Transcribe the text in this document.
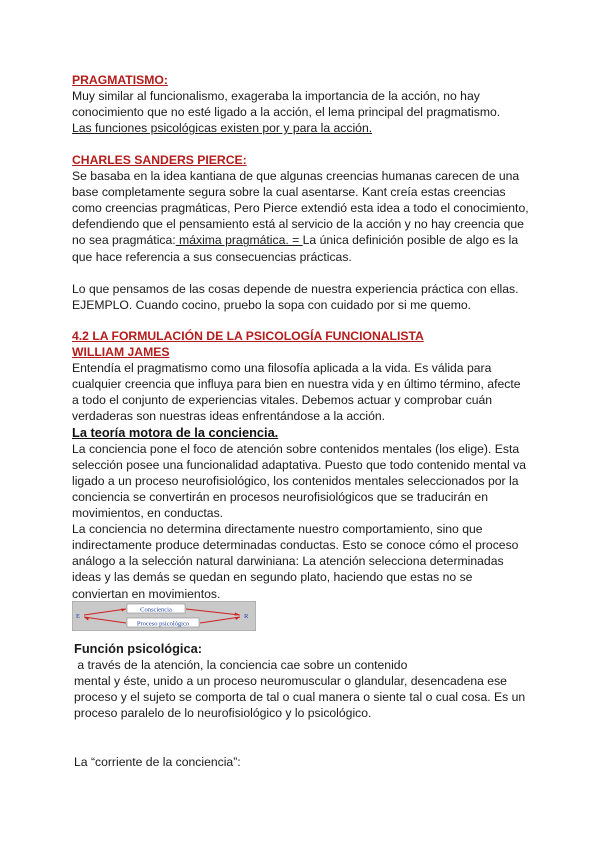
PRAGMATISMO:

Muy similar al funcionalismo, exageraba la importancia de la acción, no hay

conocimiento que no esté ligado a la acción, el lema principal del pragmatismo.

Las funciones psicológicas existen por y para la acción.

CHARLES SANDERS PIERCE:

Se basaba en la idea kantiana de que algunas creencias humanas carecen de una

base completamente segura sobre la cual asentarse. Kant creía estas creencias

como creencias pragmáticas, Pero Pierce extendió esta idea a todo el conocimiento,

defendiendo que el pensamiento está al servicio de la acción y no hay creencia que

no sea pragmática: máxima pragmática. = La única definición posible de algo es la

que hace referencia a sus consecuencias prácticas.

Lo que pensamos de las cosas depende de nuestra experiencia práctica con ellas.

EJEMPLO. Cuando cocino, pruebo la sopa con cuidado por si me quemo.

4.2 LA FORMULACIÓN DE LA PSICOLOGÍA FUNCIONALISTA

WILLIAM JAMES

Entendía el pragmatismo como una filosofía aplicada a la vida. Es válida para

cualquier creencia que influya para bien en nuestra vida y en último término, afecte

a todo el conjunto de experiencias vitales. Debemos actuar y comprobar cuán

verdaderas son nuestras ideas enfrentándose a la acción.

La teoría motora de la conciencia.

La conciencia pone el foco de atención sobre contenidos mentales (los elige). Esta

selección posee una funcionalidad adaptativa. Puesto que todo contenido mental va

ligado a un proceso neurofisiológico, los contenidos mentales seleccionados por la

conciencia se convertirán en procesos neurofisiológicos que se traducirán en

movimientos, en conductas.

La conciencia no determina directamente nuestro comportamiento, sino que

indirectamente produce determinadas conductas. Esto se conoce cómo el proceso

análogo a la selección natural darwiniana: La atención selecciona determinadas

ideas y las demás se quedan en segundo plato, haciendo que estas no se

conviertan en movimientos.

Consciencia
Proceso psicológico
E	R

Función psicológica: a través de la atención, la conciencia cae sobre un contenido

mental y éste, unido a un proceso neuromuscular o glandular, desencadena ese

proceso y el sujeto se comporta de tal o cual manera o siente tal o cual cosa. Es un

proceso paralelo de lo neurofisiológico y lo psicológico.

La “corriente de la conciencia”:
